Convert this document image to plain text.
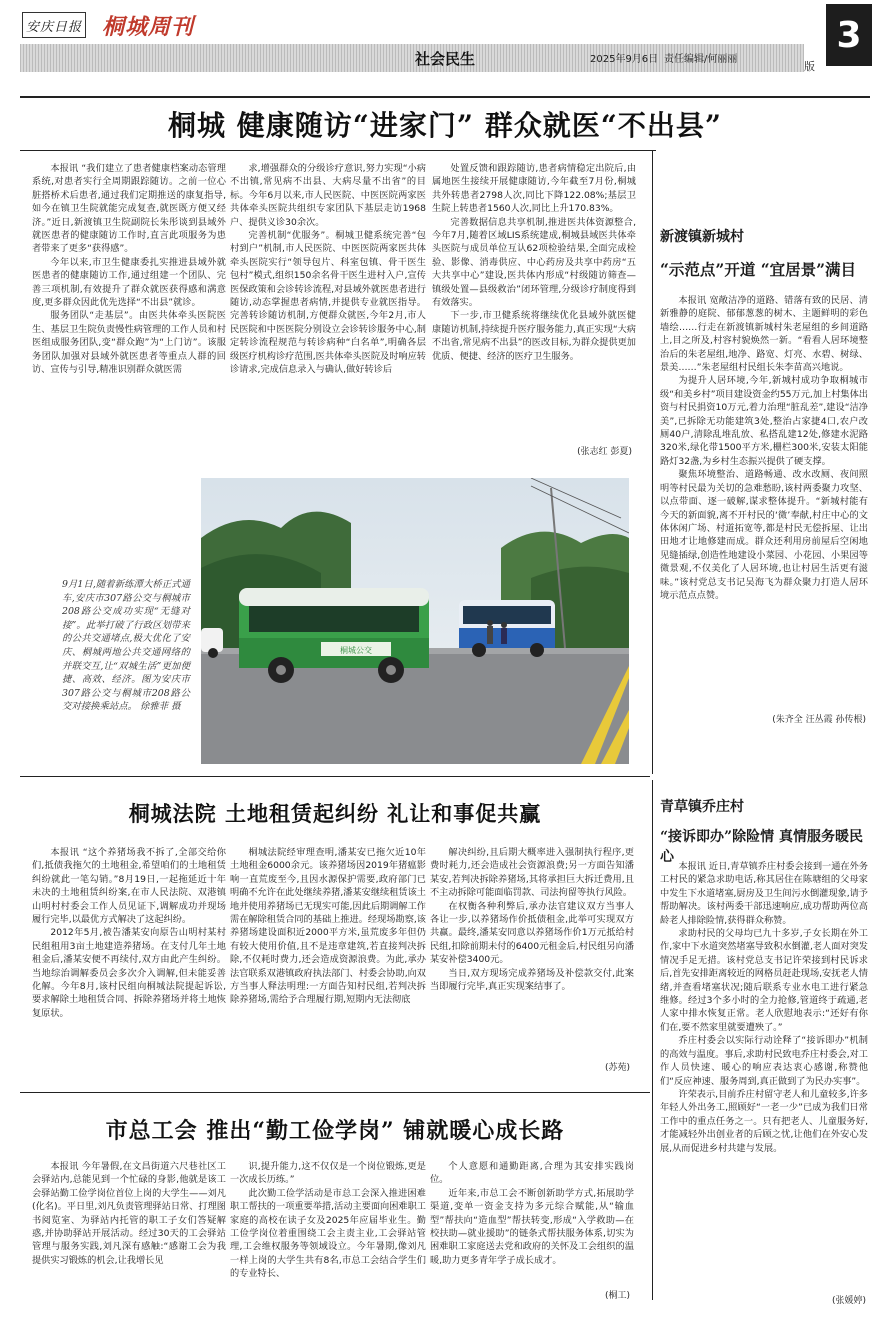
安庆日报 桐城周刊
社会民生	2025年9月6日 责任编辑/何丽丽
3
版
桐城 健康随访“进家门” 群众就医“不出县”

本报讯 “我们建立了患者健康档案动态管理系统,对患者实行全周期跟踪随访。之前一位心脏搭桥术后患者,通过我们定期推送的康复指导,如今在镇卫生院就能完成复查,就医既方便又经济。”近日,新渡镇卫生院副院长朱彤谈到县域外就医患者的健康随访工作时,直言此项服务为患者带来了更多“获得感”。

今年以来,市卫生健康委扎实推进县域外就医患者的健康随访工作,通过组建一个团队、完善三项机制,有效提升了群众就医获得感和满意度,更多群众因此优先选择“不出县”就诊。

服务团队“走基层”。由医共体牵头医院医生、基层卫生院负责慢性病管理的工作人员和村医组成服务团队,变“群众跑”为“上门访”。该服务团队加强对县域外就医患者等重点人群的回访、宣传与引导,精准识别群众就医需

求,增强群众的分级诊疗意识,努力实现“小病不出镇,常见病不出县、大病尽量不出省”的目标。今年6月以来,市人民医院、中医医院两家医共体牵头医院共组织专家团队下基层走访1968户、提供义诊30余次。

完善机制“优服务”。桐城卫健系统完善“包村到户”机制,市人民医院、中医医院两家医共体牵头医院实行“领导包片、科室包镇、骨干医生包村”模式,组织150余名骨干医生进村入户,宣传医保政策和会诊转诊流程,对县域外就医患者进行随访,动态掌握患者病情,并提供专业就医指导。完善转诊随访机制,方便群众就医,今年2月,市人民医院和中医医院分别设立会诊转诊服务中心,制定转诊流程规范与转诊病种“白名单”,明确各层级医疗机构诊疗范围,医共体牵头医院及时响应转诊请求,完成信息录入与确认,做好转诊后

处置反馈和跟踪随访,患者病情稳定出院后,由属地医生接续开展健康随访,今年截至7月份,桐城共外转患者2798人次,同比下降122.08%;基层卫生院上转患者1560人次,同比上升170.83%。

完善数据信息共享机制,推进医共体资源整合,今年7月,随着区域LIS系统建成,桐城县域医共体牵头医院与成员单位互认62项检验结果,全面完成检验、影像、消毒供应、中心药房及共享中药房“五大共享中心”建设,医共体内形成“村级随访筛查—镇级处置—县级救治”闭环管理,分级诊疗制度得到有效落实。

下一步,市卫健系统将继续优化县域外就医健康随访机制,持续提升医疗服务能力,真正实现“大病不出省,常见病不出县”的医改目标,为群众提供更加优质、便捷、经济的医疗卫生服务。

(张志红 彭夏)
桐城公交
9月1日,随着新练潭大桥正式通车,安庆市307路公交与桐城市208路公交成功实现“无缝对接”。此举打破了行政区划带来的公共交通堵点,极大优化了安庆、桐城两地公共交通网络的并联交互,让“双城生活”更加便捷、高效、经济。图为安庆市307路公交与桐城市208路公交对接换乘站点。 徐雅菲 摄
新渡镇新城村
“示范点”开道 “宜居景”满目

本报讯 宽敞洁净的道路、错落有致的民居、清新雅静的庭院、郁郁葱葱的树木、主题鲜明的彩色墙绘……行走在新渡镇新城村朱老屋组的乡间道路上,目之所及,村容村貌焕然一新。“看看人居环境整治后的朱老屋组,地净、路宽、灯亮、水碧、树绿、景美……”朱老屋组村民组长朱李苗高兴地说。

为提升人居环境,今年,新城村成功争取桐城市级“和美乡村”项目建设资金约55万元,加上村集体出资与村民捐资10万元,着力治理“脏乱差”,建设“洁净美”,已拆除无功能建筑3处,整治占家捷4口,农户改厕40户,清除乱堆乱放、私搭乱建12处,修建水泥路320米,绿化带1500平方米,栅栏300米,安装太阳能路灯32盏,为乡村生态振兴提供了硬支撑。

聚焦环境整治、道路畅通、改水改厕、夜间照明等村民最为关切的急难愁盼,该村两委聚力攻坚、以点带面、逐一破解,谋求整体提升。“新城村能有今天的新面貌,离不开村民的‘微’奉献,村庄中心的文体休闲广场、村道拓宽等,都是村民无偿拆屋、让出田地才让地修建而成。群众还利用房前屋后空闲地见缝插绿,创造性地建设小菜园、小花园、小果园等微景观,不仅美化了人居环境,也让村居生活更有滋味。”该村党总支书记吴海飞为群众聚力打造人居环境示范点点赞。

(朱齐全 汪丛霞 孙传根)
桐城法院 土地租赁起纠纷 礼让和事促共赢

本报讯 “这个养猪场我不拆了,全部交给你们,抵债我拖欠的土地租金,希望咱们的土地租赁纠纷就此一笔勾销。”8月19日,一起拖延近十年未决的土地租赁纠纷案,在市人民法院、双港镇山明村村委会工作人员见证下,调解成功并现场履行完毕,以最优方式解决了这起纠纷。

2012年5月,被告潘某安向原告山明村某村民组租用3亩土地建造养猪场。在支付几年土地租金后,潘某安便不再续付,双方由此产生纠纷。当地综治调解委员会多次介入调解,但未能妥善化解。今年8月,该村民组向桐城法院提起诉讼,要求解除土地租赁合同、拆除养猪场并将土地恢复原状。

桐城法院经审理查明,潘某安已拖欠近10年土地租金6000余元。该养猪场因2019年猪瘟影响一直荒废至今,且因水源保护需要,政府部门已明确不允许在此处继续养猪,潘某安继续租赁该土地并使用养猪场已无现实可能,因此后期调解工作需在解除租赁合同的基础上推进。经现场勘察,该养猪场建设面积近2000平方米,虽荒废多年但仍有较大使用价值,且不是违章建筑,若直接判决拆除,不仅耗时费力,还会造成资源浪费。为此,承办法官联系双港镇政府执法部门、村委会协助,向双方当事人释法明理:一方面告知村民组,若判决拆除养猪场,需给予合理履行期,短期内无法彻底

解决纠纷,且后期大概率进入强制执行程序,更费时耗力,还会造成社会资源浪费;另一方面告知潘某安,若判决拆除养猪场,其将承担巨大拆迁费用,且不主动拆除可能面临罚款、司法拘留等执行风险。

在权衡各种利弊后,承办法官建议双方当事人各让一步,以养猪场作价抵债租金,此举可实现双方共赢。最终,潘某安同意以养猪场作价1万元抵给村民组,扣除前期未付的6400元租金后,村民组另向潘某安补偿3400元。

当日,双方现场完成养猪场及补偿款交付,此案当即履行完毕,真正实现案结事了。

(苏苑)
青草镇乔庄村
“接诉即办”除险情 真情服务暖民心

本报讯 近日,青草镇乔庄村委会接到一通在外务工村民的紧急求助电话,称其居住在陈塘组的父母家中发生下水道堵塞,厨房及卫生间污水倒灌现象,请予帮助解决。该村两委干部迅速响应,成功帮助两位高龄老人排除险情,获得群众称赞。

求助村民的父母均已九十多岁,子女长期在外工作,家中下水道突然堵塞导致积水倒灌,老人面对突发情况手足无措。该村党总支书记许荣接到村民诉求后,首先安排距离较近的网格员赶赴现场,安抚老人情绪,并查看堵塞状况;随后联系专业水电工进行紧急维修。经过3个多小时的全力抢修,管道终于疏通,老人家中排水恢复正常。老人欣慰地表示:“还好有你们在,要不然家里就要遭殃了。”

乔庄村委会以实际行动诠释了“接诉即办”机制的高效与温度。事后,求助村民致电乔庄村委会,对工作人员快速、暖心的响应表达衷心感谢,称赞他们“反应神速、服务周到,真正做到了为民办实事”。

许荣表示,目前乔庄村留守老人和儿童较多,许多年轻人外出务工,照顾好“一老一少”已成为我们日常工作中的重点任务之一。只有把老人、儿童服务好,才能减轻外出创业者的后顾之忧,让他们在外安心发展,从而促进乡村共建与发展。

(张媛婷)
市总工会 推出“勤工俭学岗” 铺就暖心成长路

本报讯 今年暑假,在文昌街道六尺巷社区工会驿站内,总能见到一个忙碌的身影,他就是该工会驿站勤工俭学岗位首位上岗的大学生——刘凡(化名)。平日里,刘凡负责管理驿站日常、打理图书阅览室、为驿站内托管的职工子女们答疑解惑,并协助驿站开展活动。经过30天的工会驿站管理与服务实践,刘凡深有感触:“感谢工会为我提供实习锻炼的机会,让我增长见

识,提升能力,这不仅仅是一个岗位锻炼,更是一次成长历练。”

此次勤工俭学活动是市总工会深入推进困难职工帮扶的一项重要举措,活动主要面向困难职工家庭的高校在读子女及2025年应届毕业生。勤工俭学岗位着重围绕工会主责主业,工会驿站管理,工会维权服务等领域设立。今年暑期,像刘凡一样上岗的大学生共有8名,市总工会结合学生们的专业特长、

个人意愿和通勤距离,合理为其安排实践岗位。

近年来,市总工会不断创新助学方式,拓展助学渠道,变单一资金支持为多元综合赋能,从“输血型”帮扶向“造血型”帮扶转变,形成“入学救助—在校扶助—就业援助”的链条式帮扶服务体系,切实为困难职工家庭送去党和政府的关怀及工会组织的温暖,助力更多青年学子成长成才。

(桐工)
